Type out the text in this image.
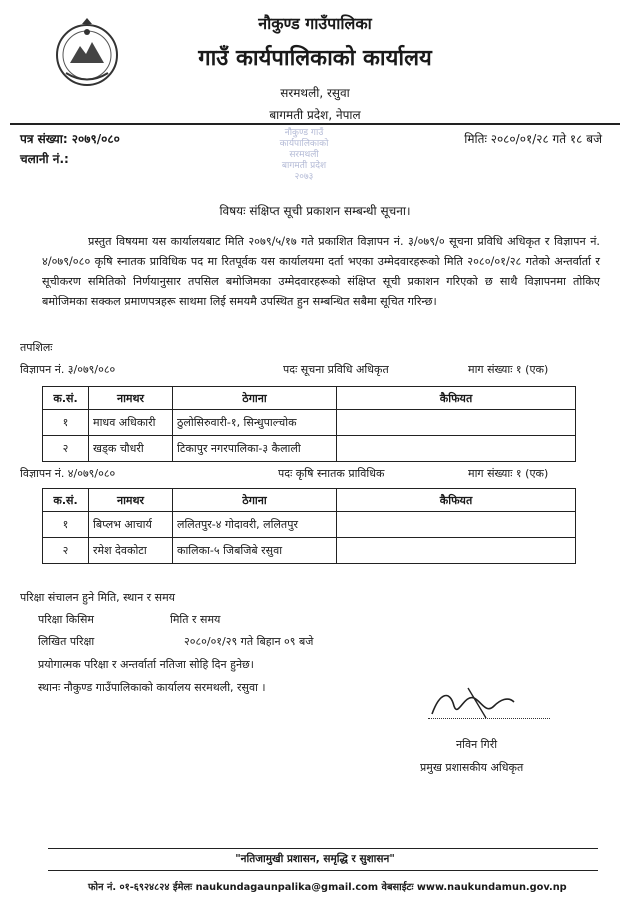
नौकुण्ड गाउँपालिका
गाउँ कार्यपालिकाको कार्यालय
सरमथली, रसुवा
बागमती प्रदेश, नेपाल
पत्र संख्या: २०७९/०८०
चलानी नं.:
मितिः २०८०/०१/२८ गते १८ बजे
नौकुण्ड गाउँ
कार्यपालिकाको
सरमथली
बागमती प्रदेश
२०७३
विषयः संक्षिप्त सूची प्रकाशन सम्बन्धी सूचना।
प्रस्तुत विषयमा यस कार्यालयबाट मिति २०७९/५/१७ गते प्रकाशित विज्ञापन नं. ३/०७९/० सूचना प्रविधि अधिकृत र विज्ञापन नं. ४/०७९/०८० कृषि स्नातक प्राविधिक पद मा रितपूर्वक यस कार्यालयमा दर्ता भएका उम्मेदवारहरूको मिति २०८०/०१/२८ गतेको अन्तर्वार्ता र सूचीकरण समितिको निर्णयानुसार तपसिल बमोजिमका उम्मेदवारहरूको संक्षिप्त सूची प्रकाशन गरिएको छ साथै विज्ञापनमा तोकिए बमोजिमका सक्कल प्रमाणपत्रहरू साथमा लिई समयमै उपस्थित हुन सम्बन्धित सबैमा सूचित गरिन्छ।
तपशिलः
विज्ञापन नं. ३/०७९/०८०	पदः सूचना प्रविधि अधिकृत	माग संख्याः १ (एक)
क.सं.	नामथर	ठेगाना	कैफियत
१	माधव अधिकारी	ठुलोसिरुवारी-१, सिन्धुपाल्चोक	
२	खड्क चौधरी	टिकापुर नगरपालिका-३ कैलाली	
विज्ञापन नं. ४/०७९/०८०	पदः कृषि स्नातक प्राविधिक	माग संख्याः १ (एक)
क.सं.	नामथर	ठेगाना	कैफियत
१	बिप्लभ आचार्य	ललितपुर-४ गोदावरी, ललितपुर	
२	रमेश देवकोटा	कालिका-५ जिबजिबे रसुवा	
परिक्षा संचालन हुने मिति, स्थान र समय
परिक्षा किसिम	मिति र समय
लिखित परिक्षा	२०८०/०१/२९ गते बिहान ०९ बजे
प्रयोगात्मक परिक्षा र अन्तर्वार्ता नतिजा सोहि दिन हुनेछ।
स्थानः नौकुण्ड गाउँपालिकाको कार्यालय सरमथली, रसुवा ।
नविन गिरी
प्रमुख प्रशासकीय अधिकृत
"नतिजामुखी प्रशासन, समृद्धि र सुशासन"
फोन नं. ०१-६९२४८२४ ईमेलः naukundagaunpalika@gmail.com वेबसाईटः www.naukundamun.gov.np
